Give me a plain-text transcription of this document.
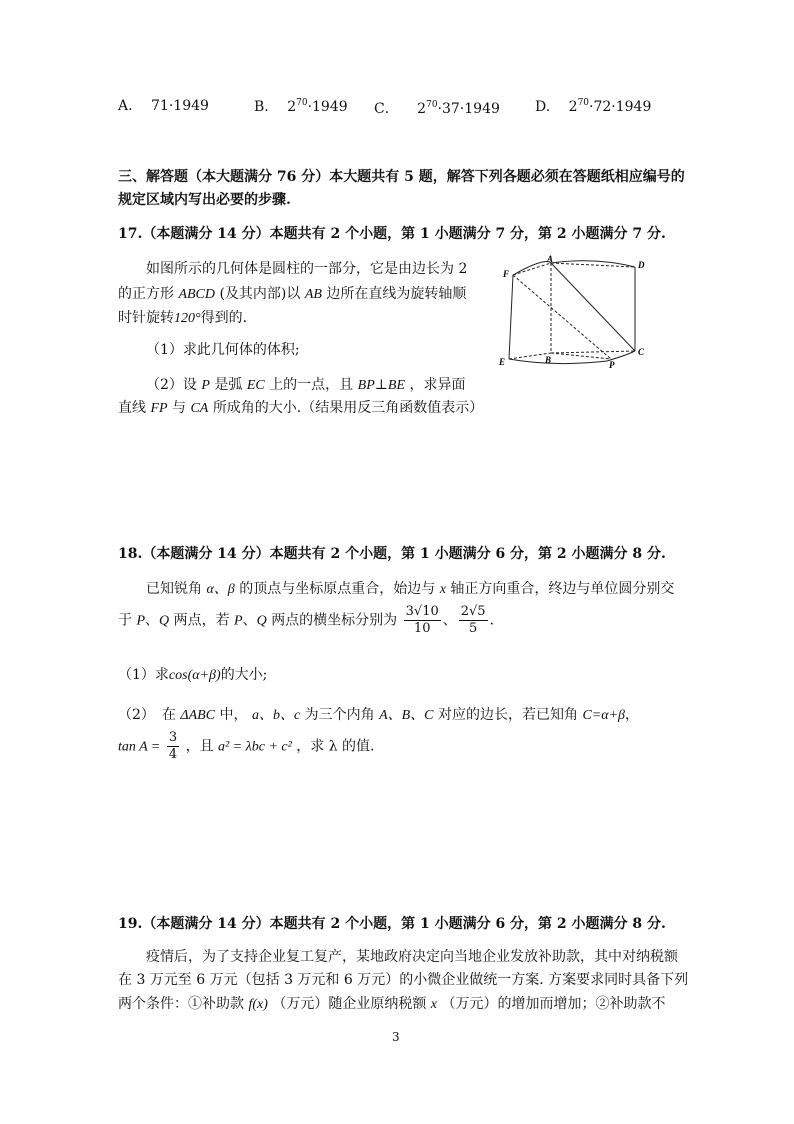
A. 71·1949	B. $2^{70}\cdot 1949$ C． $2^{70}\cdot 37\cdot 1949$	D. $2^{70}\cdot 72\cdot 1949$
三、解答题（本大题满分 76 分）本大题共有 5 题，解答下列各题必须在答题纸相应编号的
规定区域内写出必要的步骤.
17.（本题满分 14 分）本题共有 2 个小题，第 1 小题满分 7 分，第 2 小题满分 7 分.
如图所示的几何体是圆柱的一部分，它是由边长为 2
的正方形 ABCD (及其内部)以 AB 边所在直线为旋转轴顺
时针旋转120°得到的.
（1）求此几何体的体积;
（2）设 P 是弧 EC 上的一点，且 BP⊥BE ，求异面
直线 FP 与 CA 所成角的大小.（结果用反三角函数值表示）
A
D
F
E	B
C
P
18.（本题满分 14 分）本题共有 2 个小题，第 1 小题满分 6 分，第 2 小题满分 8 分.
已知锐角 α、β 的顶点与坐标原点重合，始边与 x 轴正方向重合，终边与单位圆分别交
于 P、Q 两点，若 P、Q 两点的横坐标分别为 $\frac{3√10}{10}$ 、 $\frac{2√5}{5}$ .
（1）求cos(α+β)的大小;
（2）　在 ΔABC 中， a、b、c 为三个内角 A、B、C 对应的边长，若已知角 C=α+β，
$\tan A = \frac{3}{4}$ ，且 a² = λbc + c² ，求 λ 的值.
19.（本题满分 14 分）本题共有 2 个小题，第 1 小题满分 6 分，第 2 小题满分 8 分.
疫情后，为了支持企业复工复产，某地政府决定向当地企业发放补助款，其中对纳税额
在 3 万元至 6 万元（包括 3 万元和 6 万元）的小微企业做统一方案. 方案要求同时具备下列
两个条件：①补助款 f(x) （万元）随企业原纳税额 x （万元）的增加而增加；②补助款不
3
